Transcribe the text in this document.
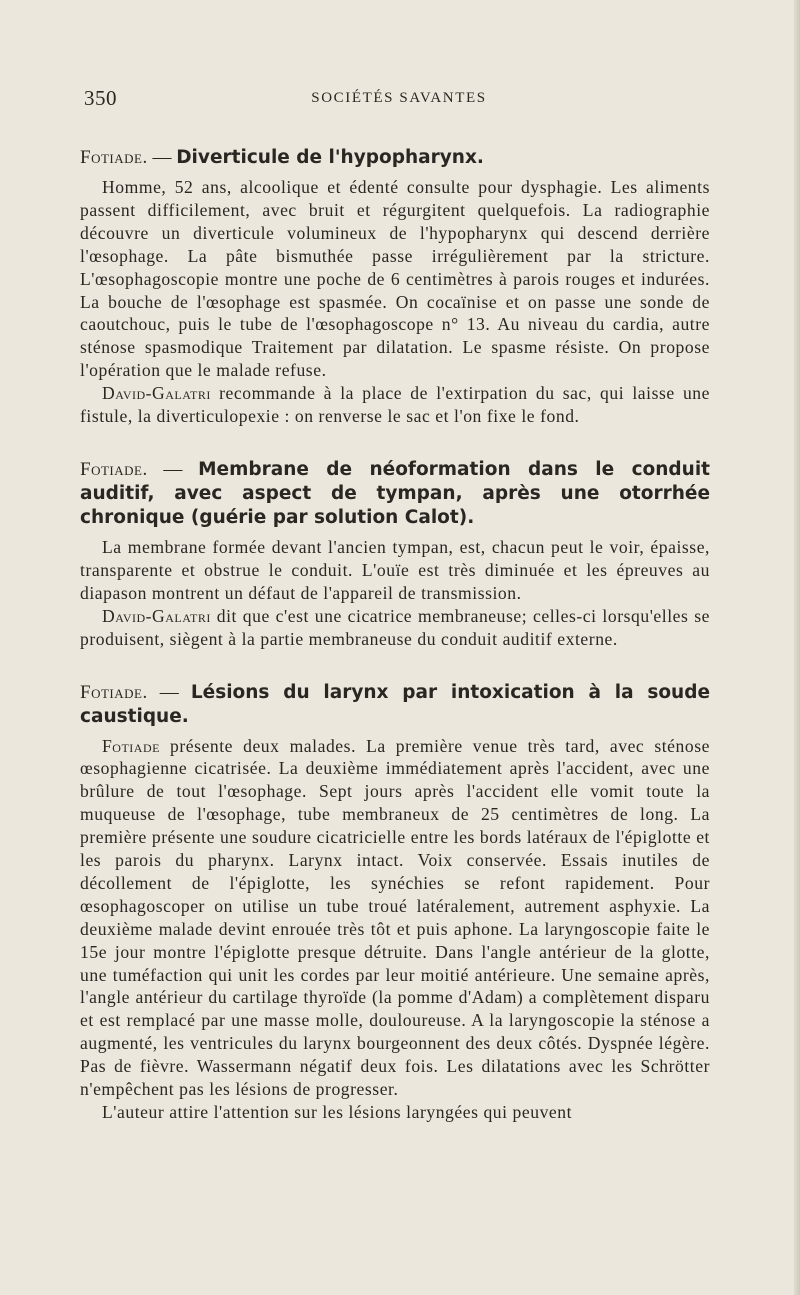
350	SOCIÉTÉS SAVANTES

Fotiade. — Diverticule de l'hypopharynx.

Homme, 52 ans, alcoolique et édenté consulte pour dysphagie. Les aliments passent difficilement, avec bruit et régurgitent quelquefois. La radiographie découvre un diverticule volumineux de l'hypopharynx qui descend derrière l'œsophage. La pâte bismuthée passe irrégulièrement par la stricture. L'œsophagoscopie montre une poche de 6 centimètres à parois rouges et indurées. La bouche de l'œsophage est spasmée. On cocaïnise et on passe une sonde de caoutchouc, puis le tube de l'œsophagoscope n° 13. Au niveau du cardia, autre sténose spasmodique Traitement par dilatation. Le spasme résiste. On propose l'opération que le malade refuse.

David-Galatri recommande à la place de l'extirpation du sac, qui laisse une fistule, la diverticulopexie : on renverse le sac et l'on fixe le fond.

Fotiade. — Membrane de néoformation dans le conduit auditif, avec aspect de tympan, après une otorrhée chronique (guérie par solution Calot).

La membrane formée devant l'ancien tympan, est, chacun peut le voir, épaisse, transparente et obstrue le conduit. L'ouïe est très diminuée et les épreuves au diapason montrent un défaut de l'appareil de transmission.

David-Galatri dit que c'est une cicatrice membraneuse; celles-ci lorsqu'elles se produisent, siègent à la partie membraneuse du conduit auditif externe.

Fotiade. — Lésions du larynx par intoxication à la soude caustique.

Fotiade présente deux malades. La première venue très tard, avec sténose œsophagienne cicatrisée. La deuxième immédiatement après l'accident, avec une brûlure de tout l'œsophage. Sept jours après l'accident elle vomit toute la muqueuse de l'œsophage, tube membraneux de 25 centimètres de long. La première présente une soudure cicatricielle entre les bords latéraux de l'épiglotte et les parois du pharynx. Larynx intact. Voix conservée. Essais inutiles de décollement de l'épiglotte, les synéchies se refont rapidement. Pour œsophagoscoper on utilise un tube troué latéralement, autrement asphyxie. La deuxième malade devint enrouée très tôt et puis aphone. La laryngoscopie faite le 15e jour montre l'épiglotte presque détruite. Dans l'angle antérieur de la glotte, une tuméfaction qui unit les cordes par leur moitié antérieure. Une semaine après, l'angle antérieur du cartilage thyroïde (la pomme d'Adam) a complètement disparu et est remplacé par une masse molle, douloureuse. A la laryngoscopie la sténose a augmenté, les ventricules du larynx bourgeonnent des deux côtés. Dyspnée légère. Pas de fièvre. Wassermann négatif deux fois. Les dilatations avec les Schrötter n'empêchent pas les lésions de progresser.

L'auteur attire l'attention sur les lésions laryngées qui peuvent
